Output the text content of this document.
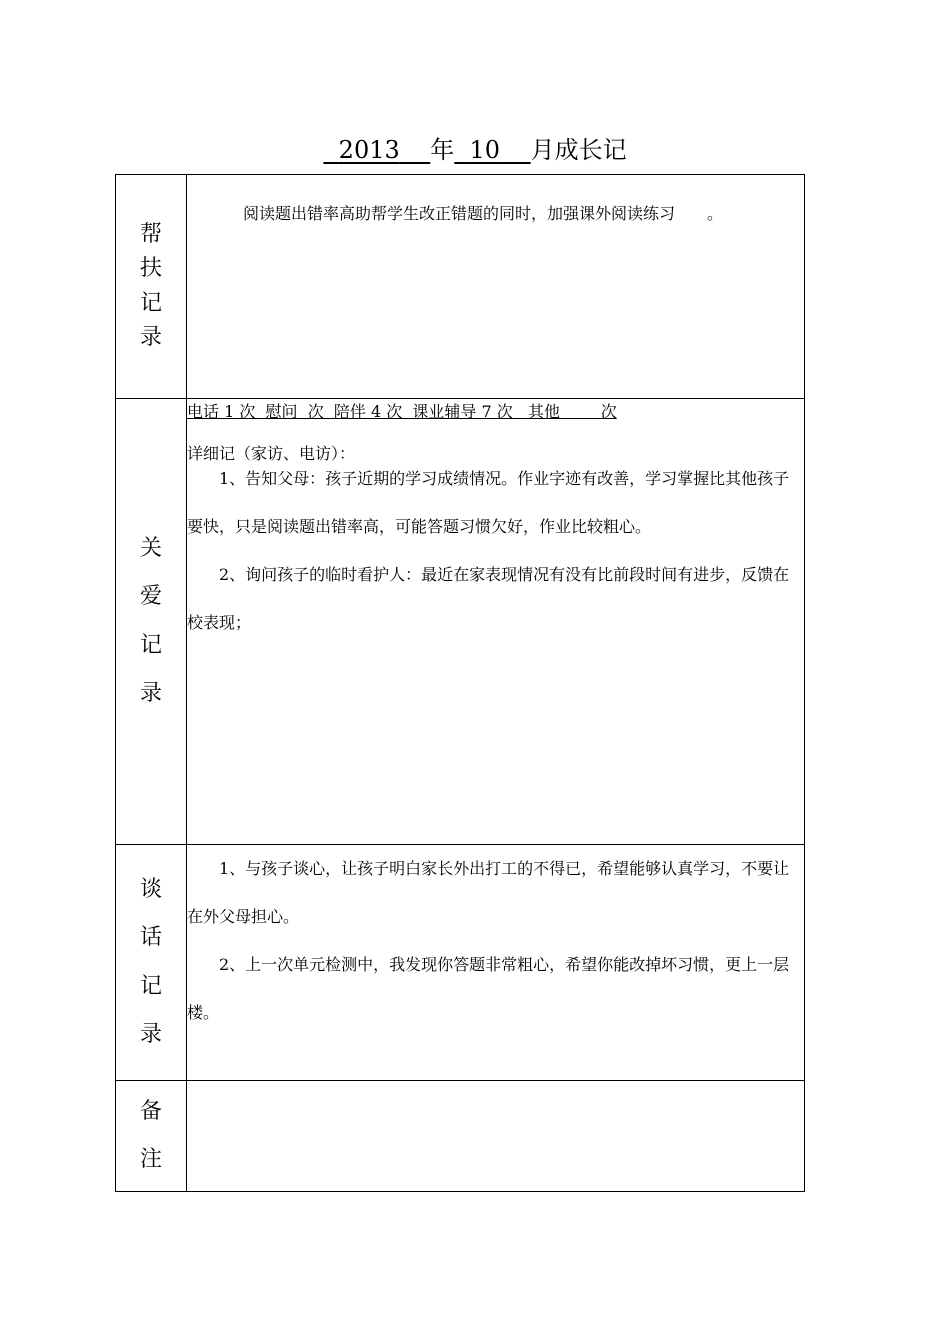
2013 年 10 月成长记
帮扶记录	阅读题出错率高助帮学生改正错题的同时，加强课外阅读练习　　。

关爱记录	电话 1 次  慰问  次  陪伴 4 次  课业辅导 7 次   其他        次
详细记（家访、电访）：

1、告知父母：孩子近期的学习成绩情况。作业字迹有改善，学习掌握比其他孩子要快，只是阅读题出错率高，可能答题习惯欠好，作业比较粗心。

2、询问孩子的临时看护人：最近在家表现情况有没有比前段时间有进步，反馈在校表现；

谈话记录	1、与孩子谈心，让孩子明白家长外出打工的不得已，希望能够认真学习，不要让在外父母担心。

2、上一次单元检测中，我发现你答题非常粗心，希望你能改掉坏习惯，更上一层楼。

备注	
